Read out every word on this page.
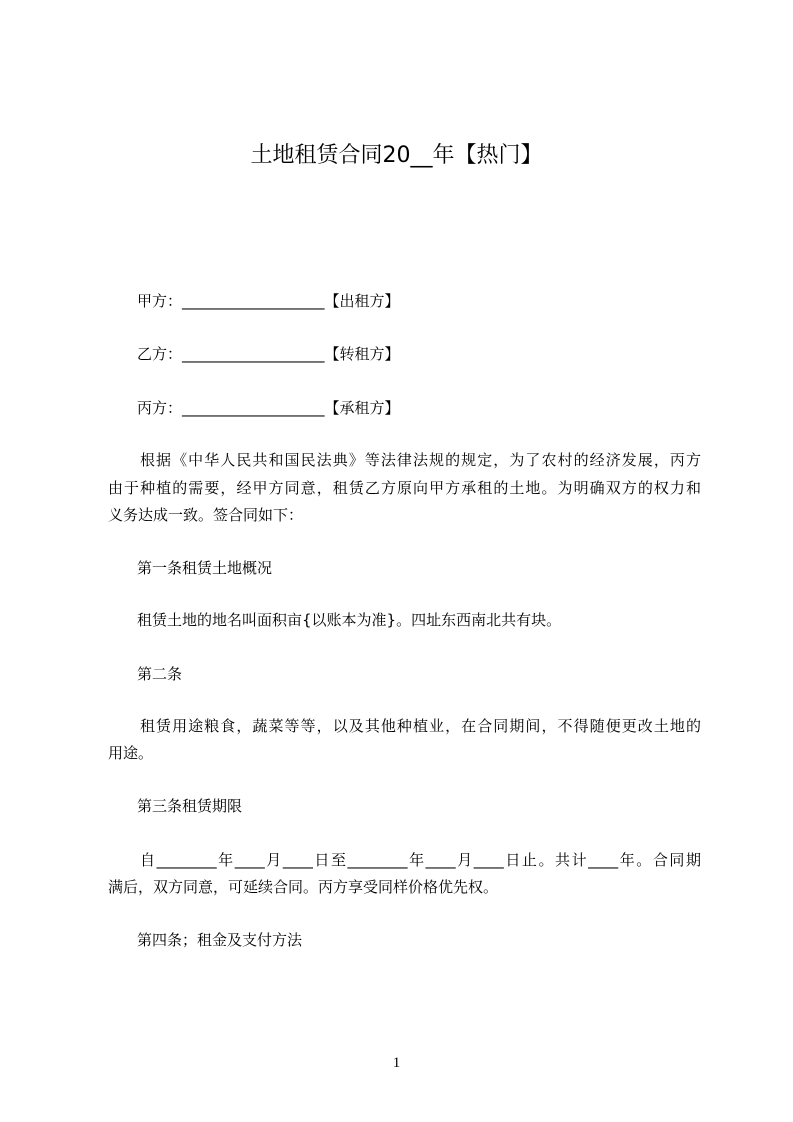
土地租赁合同20__年【热门】
甲方：___________________【出租方】
乙方：___________________【转租方】
丙方：___________________【承租方】
根据《中华人民共和国民法典》等法律法规的规定，为了农村的经济发展，丙方
由于种植的需要，经甲方同意，租赁乙方原向甲方承租的土地。为明确双方的权力和
义务达成一致。签合同如下：
第一条租赁土地概况
租赁土地的地名叫面积亩{以账本为准}。四址东西南北共有块。
第二条
租赁用途粮食，蔬菜等等，以及其他种植业，在合同期间，不得随便更改土地的
用途。
第三条租赁期限
自________年____月____日至________年____月____日止。共计____年。合同期
满后，双方同意，可延续合同。丙方享受同样价格优先权。
第四条；租金及支付方法
1
